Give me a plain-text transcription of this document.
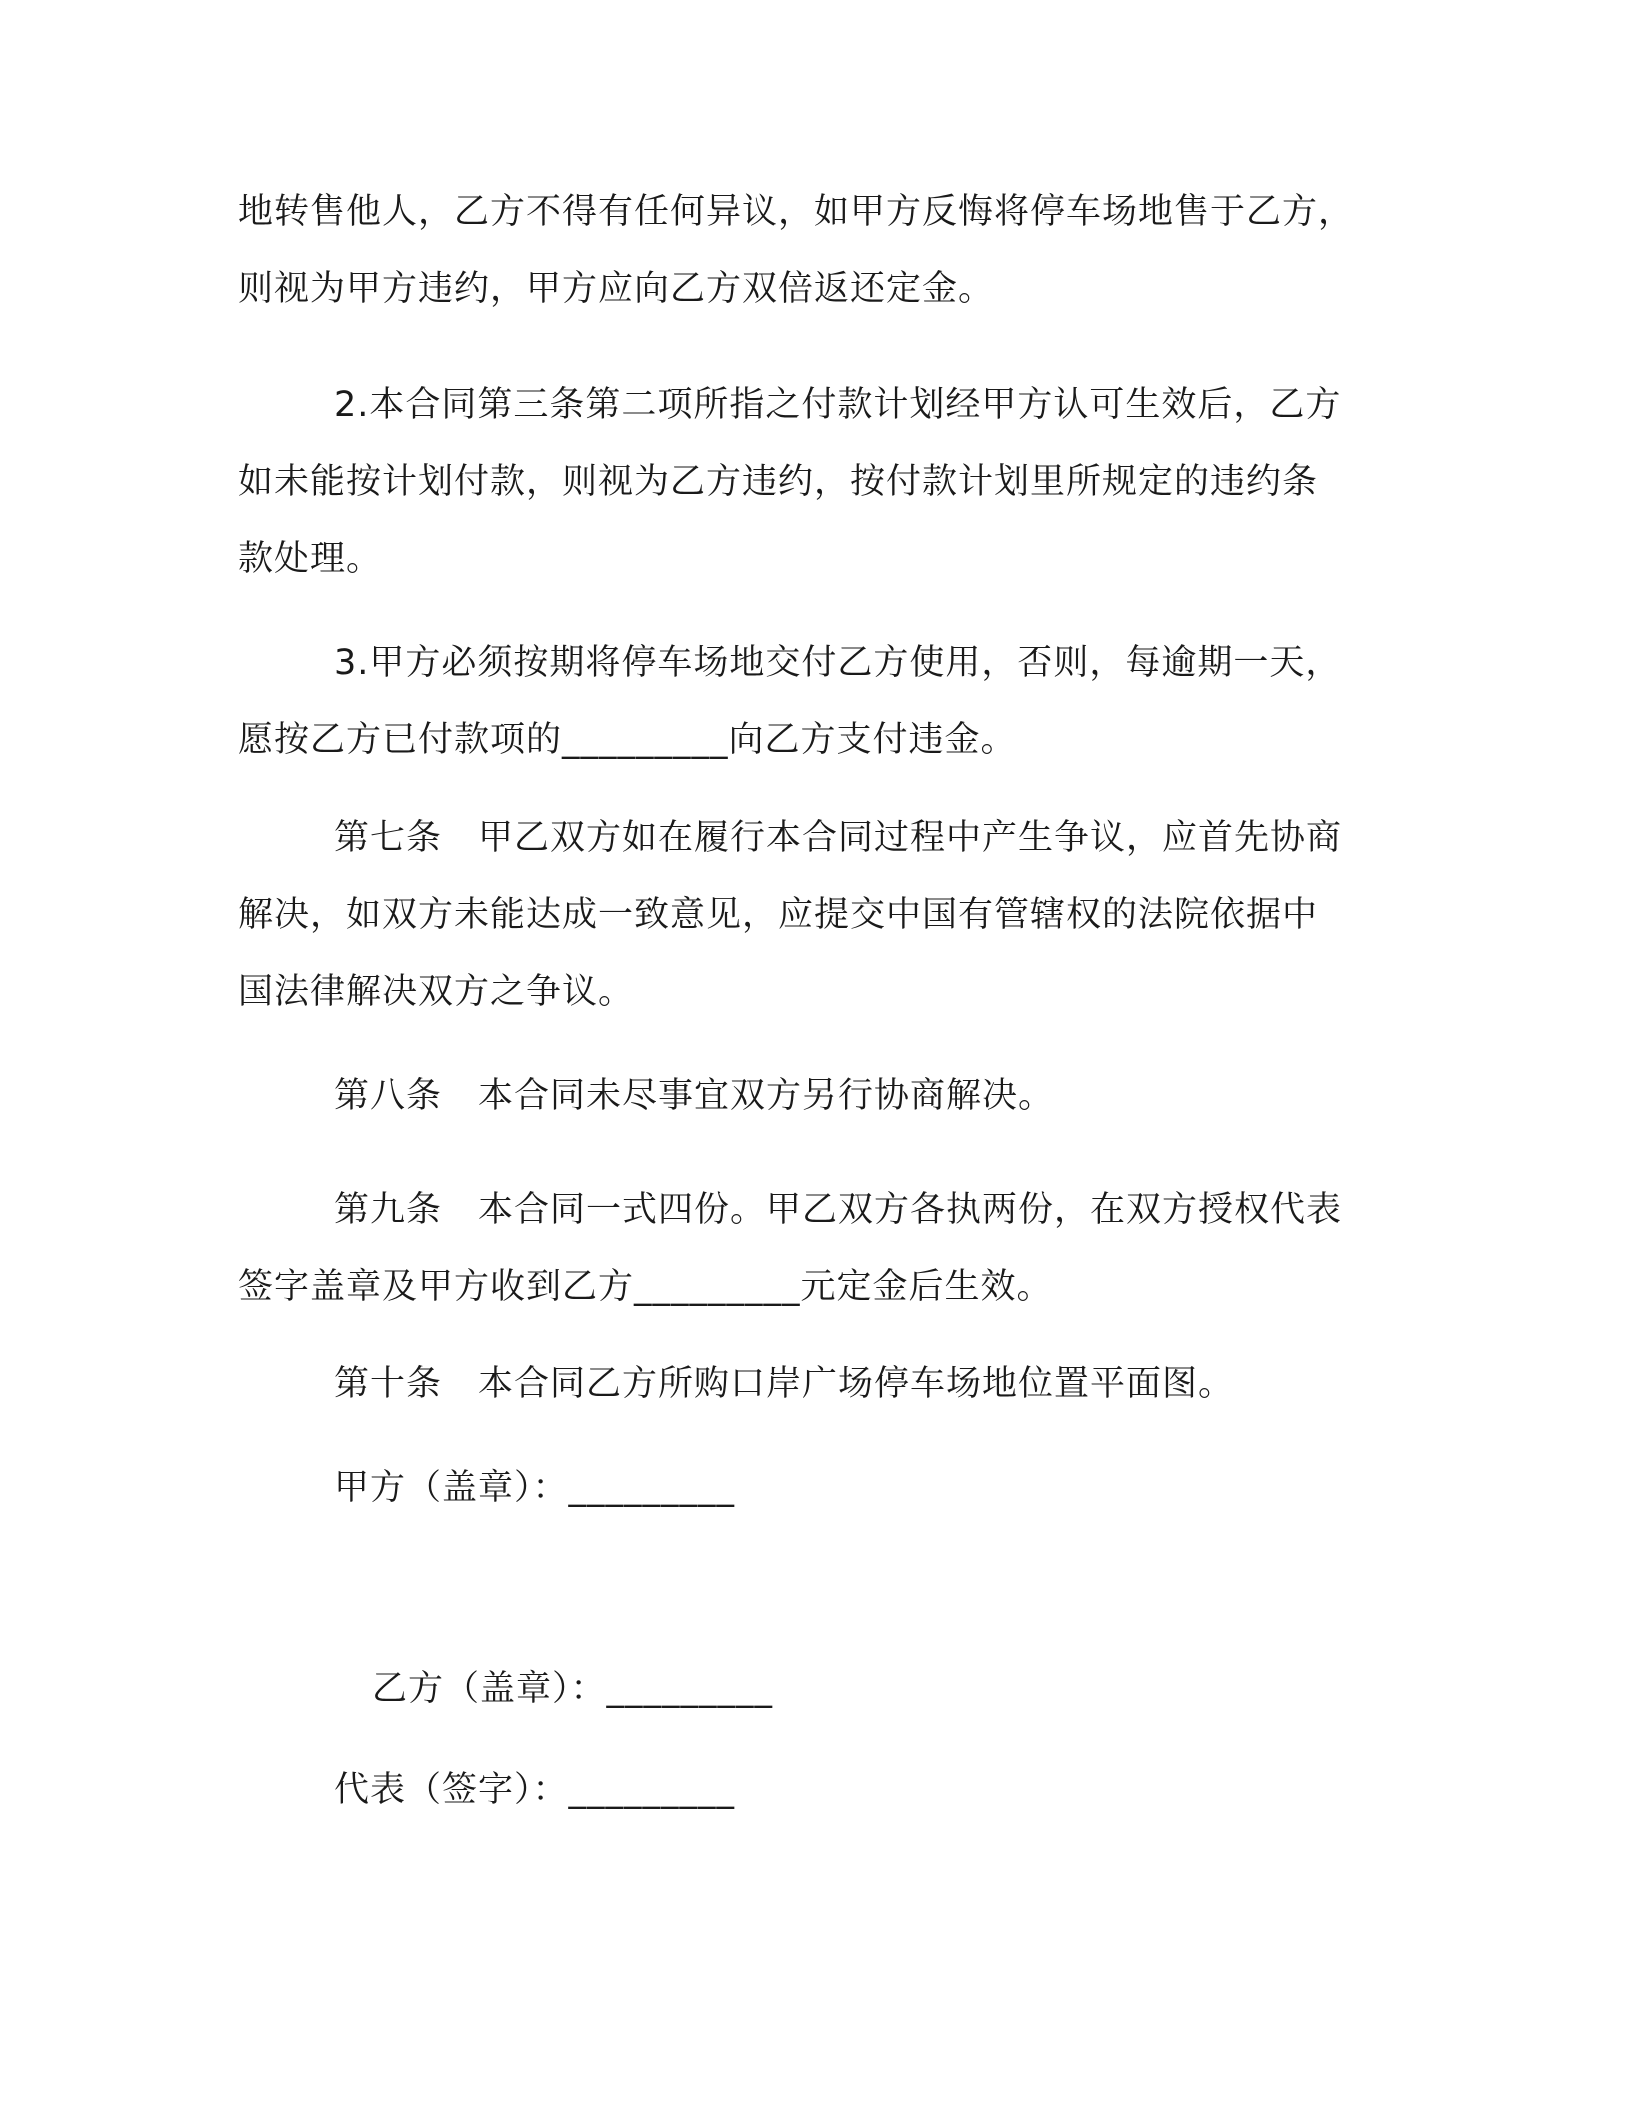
地转售他人，乙方不得有任何异议，如甲方反悔将停车场地售于乙方，
则视为甲方违约，甲方应向乙方双倍返还定金。

2.本合同第三条第二项所指之付款计划经甲方认可生效后，乙方
如未能按计划付款，则视为乙方违约，按付款计划里所规定的违约条
款处理。

3.甲方必须按期将停车场地交付乙方使用，否则，每逾期一天，
愿按乙方已付款项的_________向乙方支付违金。

第七条　甲乙双方如在履行本合同过程中产生争议，应首先协商
解决，如双方未能达成一致意见，应提交中国有管辖权的法院依据中
国法律解决双方之争议。

第八条　本合同未尽事宜双方另行协商解决。

第九条　本合同一式四份。甲乙双方各执两份，在双方授权代表
签字盖章及甲方收到乙方_________元定金后生效。

第十条　本合同乙方所购口岸广场停车场地位置平面图。

甲方（盖章）：_________

乙方（盖章）：_________

代表（签字）：_________
